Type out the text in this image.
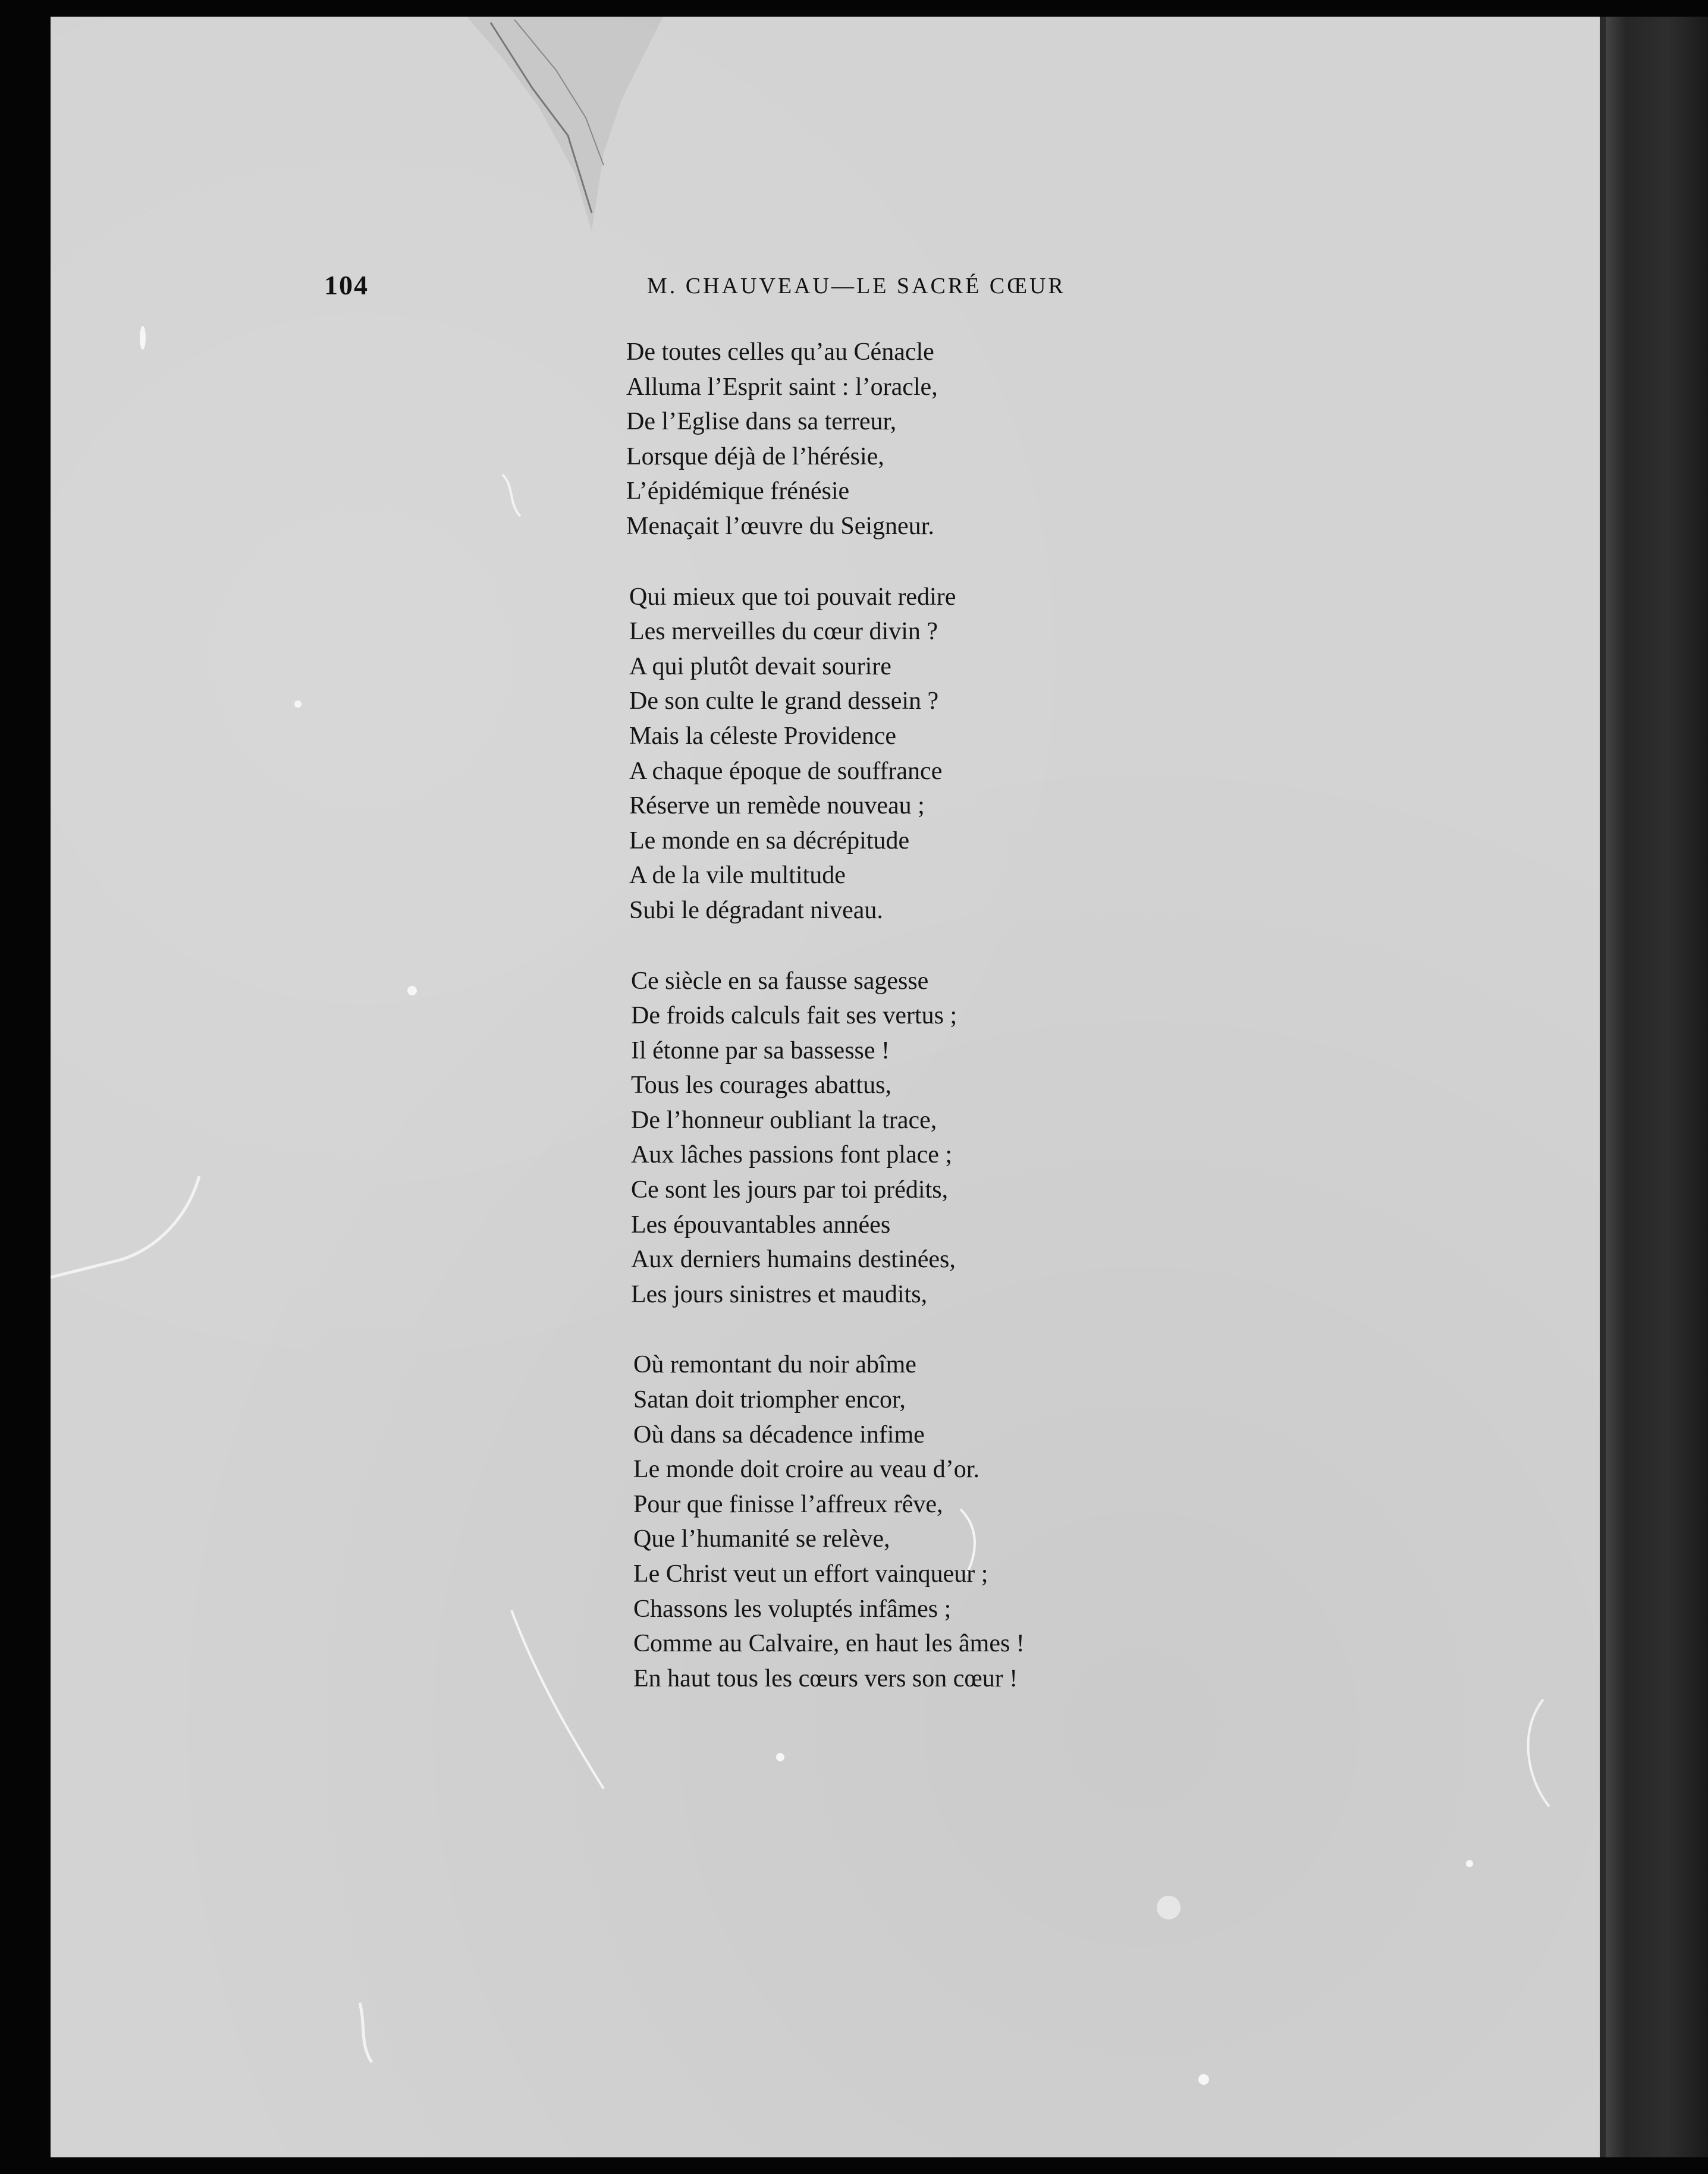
104	M. CHAUVEAU—LE SACRÉ CŒUR
De toutes celles qu’au Cénacle
Alluma l’Esprit saint : l’oracle,
De l’Eglise dans sa terreur,
Lorsque déjà de l’hérésie,
L’épidémique frénésie
Menaçait l’œuvre du Seigneur.
Qui mieux que toi pouvait redire
Les merveilles du cœur divin ?
A qui plutôt devait sourire
De son culte le grand dessein ?
Mais la céleste Providence
A chaque époque de souffrance
Réserve un remède nouveau ;
Le monde en sa décrépitude
A de la vile multitude
Subi le dégradant niveau.
Ce siècle en sa fausse sagesse
De froids calculs fait ses vertus ;
Il étonne par sa bassesse !
Tous les courages abattus,
De l’honneur oubliant la trace,
Aux lâches passions font place ;
Ce sont les jours par toi prédits,
Les épouvantables années
Aux derniers humains destinées,
Les jours sinistres et maudits,
Où remontant du noir abîme
Satan doit triompher encor,
Où dans sa décadence infime
Le monde doit croire au veau d’or.
Pour que finisse l’affreux rêve,
Que l’humanité se relève,
Le Christ veut un effort vainqueur ;
Chassons les voluptés infâmes ;
Comme au Calvaire, en haut les âmes !
En haut tous les cœurs vers son cœur !
